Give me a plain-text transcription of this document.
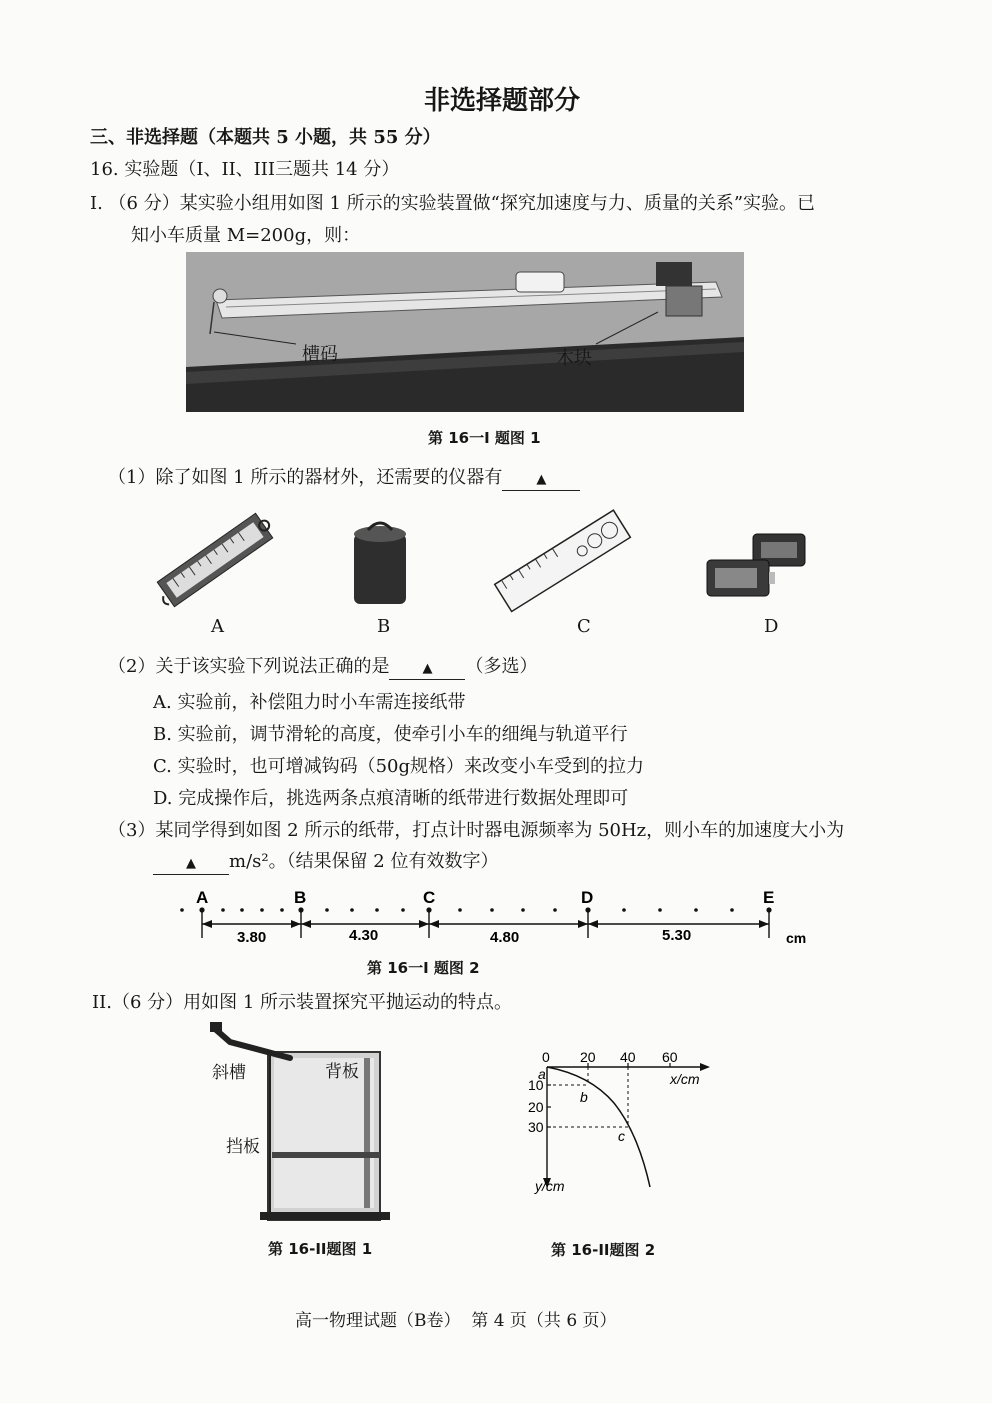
非选择题部分
三、非选择题（本题共 5 小题，共 55 分）
16. 实验题（I、II、III三题共 14 分）
I. （6 分）某实验小组用如图 1 所示的实验装置做“探究加速度与力、质量的关系”实验。已
知小车质量 M=200g，则：
槽码	木块
第 16一I 题图 1
（1）除了如图 1 所示的器材外，还需要的仪器有	▲
A	B	C	D
（2）关于该实验下列说法正确的是	▲ （多选）
A. 实验前，补偿阻力时小车需连接纸带
B. 实验前，调节滑轮的高度，使牵引小车的细绳与轨道平行
C. 实验时，也可增减钩码（50g规格）来改变小车受到的拉力
D. 完成操作后，挑选两条点痕清晰的纸带进行数据处理即可
（3）某同学得到如图 2 所示的纸带，打点计时器电源频率为 50Hz，则小车的加速度大小为
▲ m/s²。（结果保留 2 位有效数字）
A	B	C	D	E
3.80	4.30	4.80	5.30	cm
第 16一I 题图 2
II.（6 分）用如图 1 所示装置探究平抛运动的特点。
斜槽	背板
挡板
第 16-II题图 1
0 20 40 60
10
20
30
x/cm
y/cm
a
b
c
第 16-II题图 2
高一物理试题（B卷）  第 4 页（共 6 页）
